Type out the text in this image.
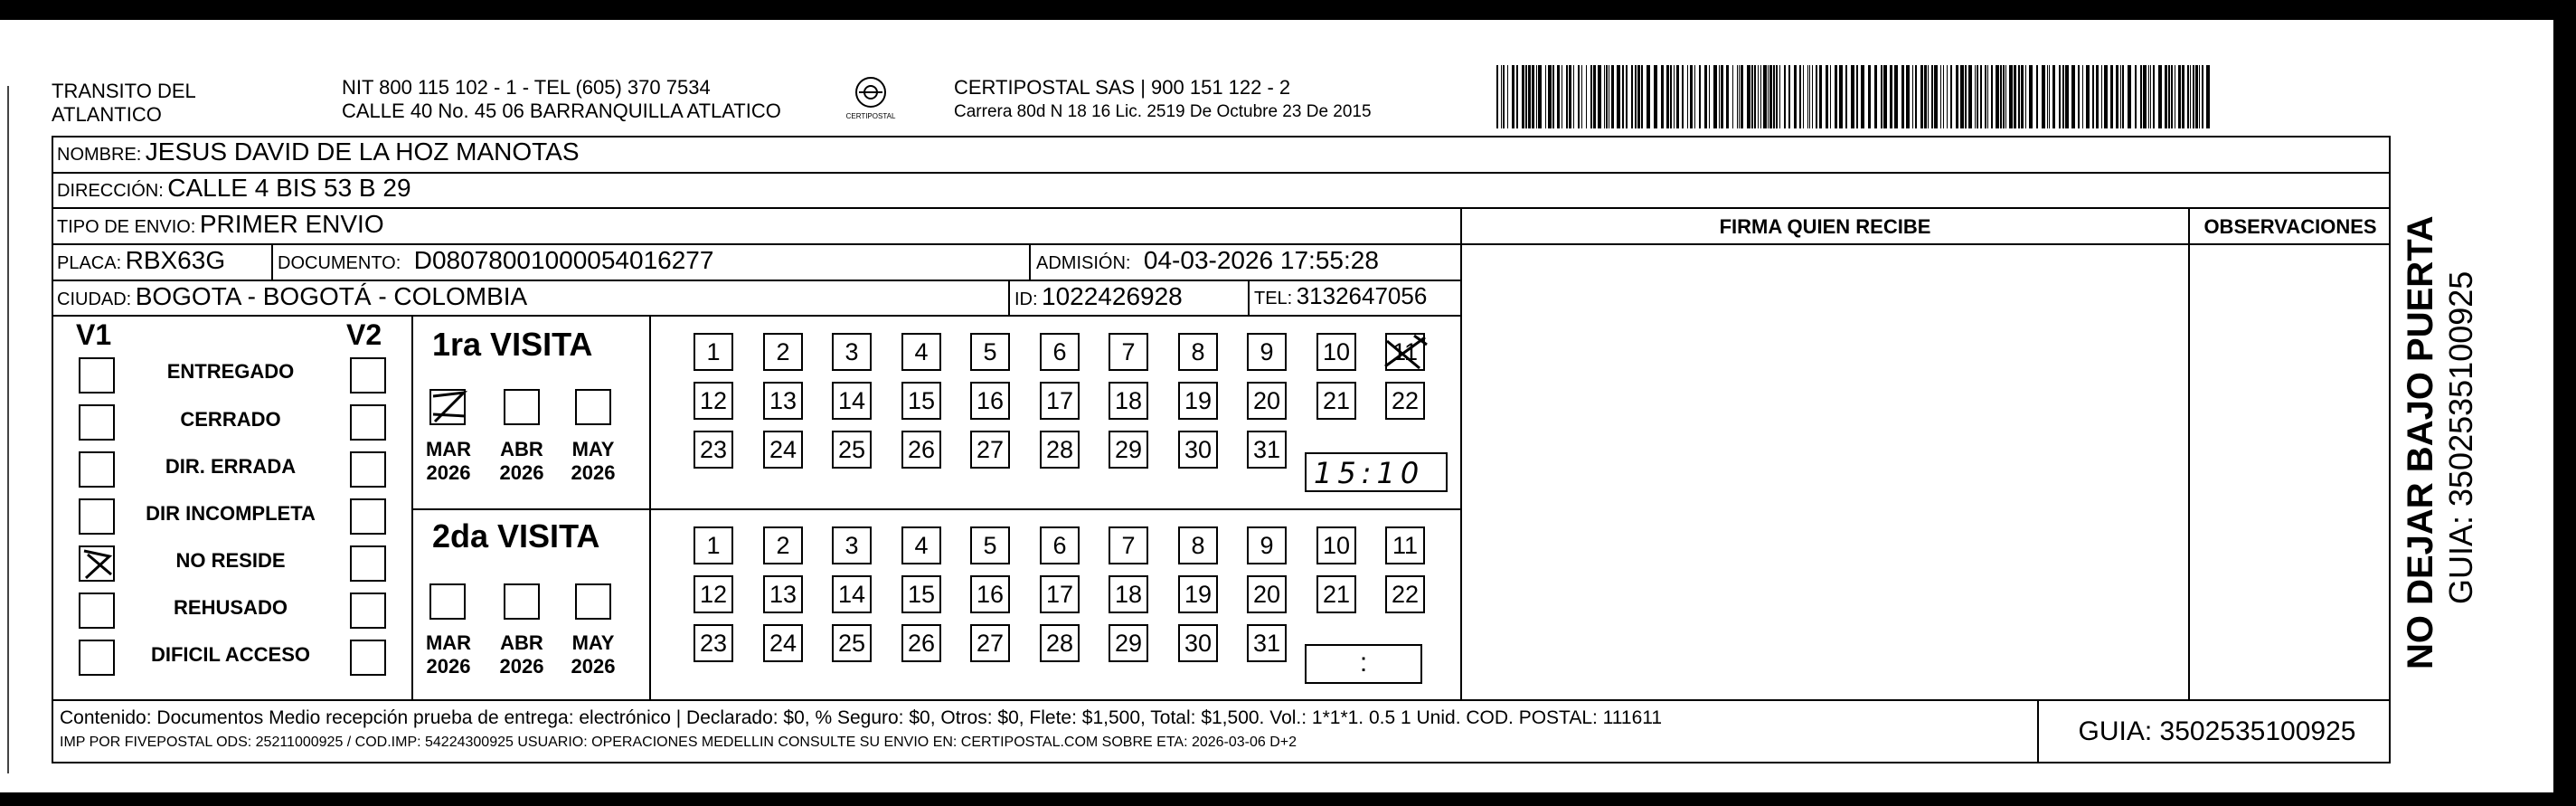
TRANSITO DEL
ATLANTICO
NIT 800 115 102 - 1 - TEL (605) 370 7534
CALLE 40 No. 45 06 BARRANQUILLA ATLATICO	CERTIPOSTAL
CERTIPOSTAL SAS | 900 151 122 - 2
Carrera 80d N 18 16 Lic. 2519 De Octubre 23 De 2015
NOMBRE: JESUS DAVID DE LA HOZ MANOTAS
DIRECCIÓN: CALLE 4 BIS 53 B 29
TIPO DE ENVIO: PRIMER ENVIO
PLACA: RBX63G	DOCUMENTO: D08078001000054016277	ADMISIÓN: 04-03-2026 17:55:28
CIUDAD: BOGOTA - BOGOTÁ - COLOMBIA	ID: 1022426928	TEL: 3132647056
FIRMA QUIEN RECIBE	OBSERVACIONES
V1	V2
ENTREGADO
CERRADO
DIR. ERRADA
DIR INCOMPLETA
NO RESIDE
REHUSADO
DIFICIL ACCESO
1ra VISITA
MAR
2026
ABR
2026
MAY
2026
1	2	3	4	5	6	7	8	9	10 11
12 13 14 15 16 17 18 19 20 21 22
23 24 25 26 27 28 29 30 31
15:10
2da VISITA
MAR
2026
ABR
2026
MAY
2026
1	2	3	4	5	6	7	8	9	10 11
12 13 14 15 16 17 18 19 20 21 22
23 24 25 26 27 28 29 30 31
:
Contenido: Documentos Medio recepción prueba de entrega: electrónico | Declarado: $0, % Seguro: $0, Otros: $0, Flete: $1,500, Total: $1,500. Vol.: 1*1*1. 0.5 1 Unid. COD. POSTAL: 111611
IMP POR FIVEPOSTAL ODS: 25211000925 / COD.IMP: 54224300925 USUARIO: OPERACIONES MEDELLIN CONSULTE SU ENVIO EN: CERTIPOSTAL.COM SOBRE ETA: 2026-03-06 D+2	GUIA: 3502535100925
NO DEJAR BAJO PUERTA GUIA: 3502535100925
